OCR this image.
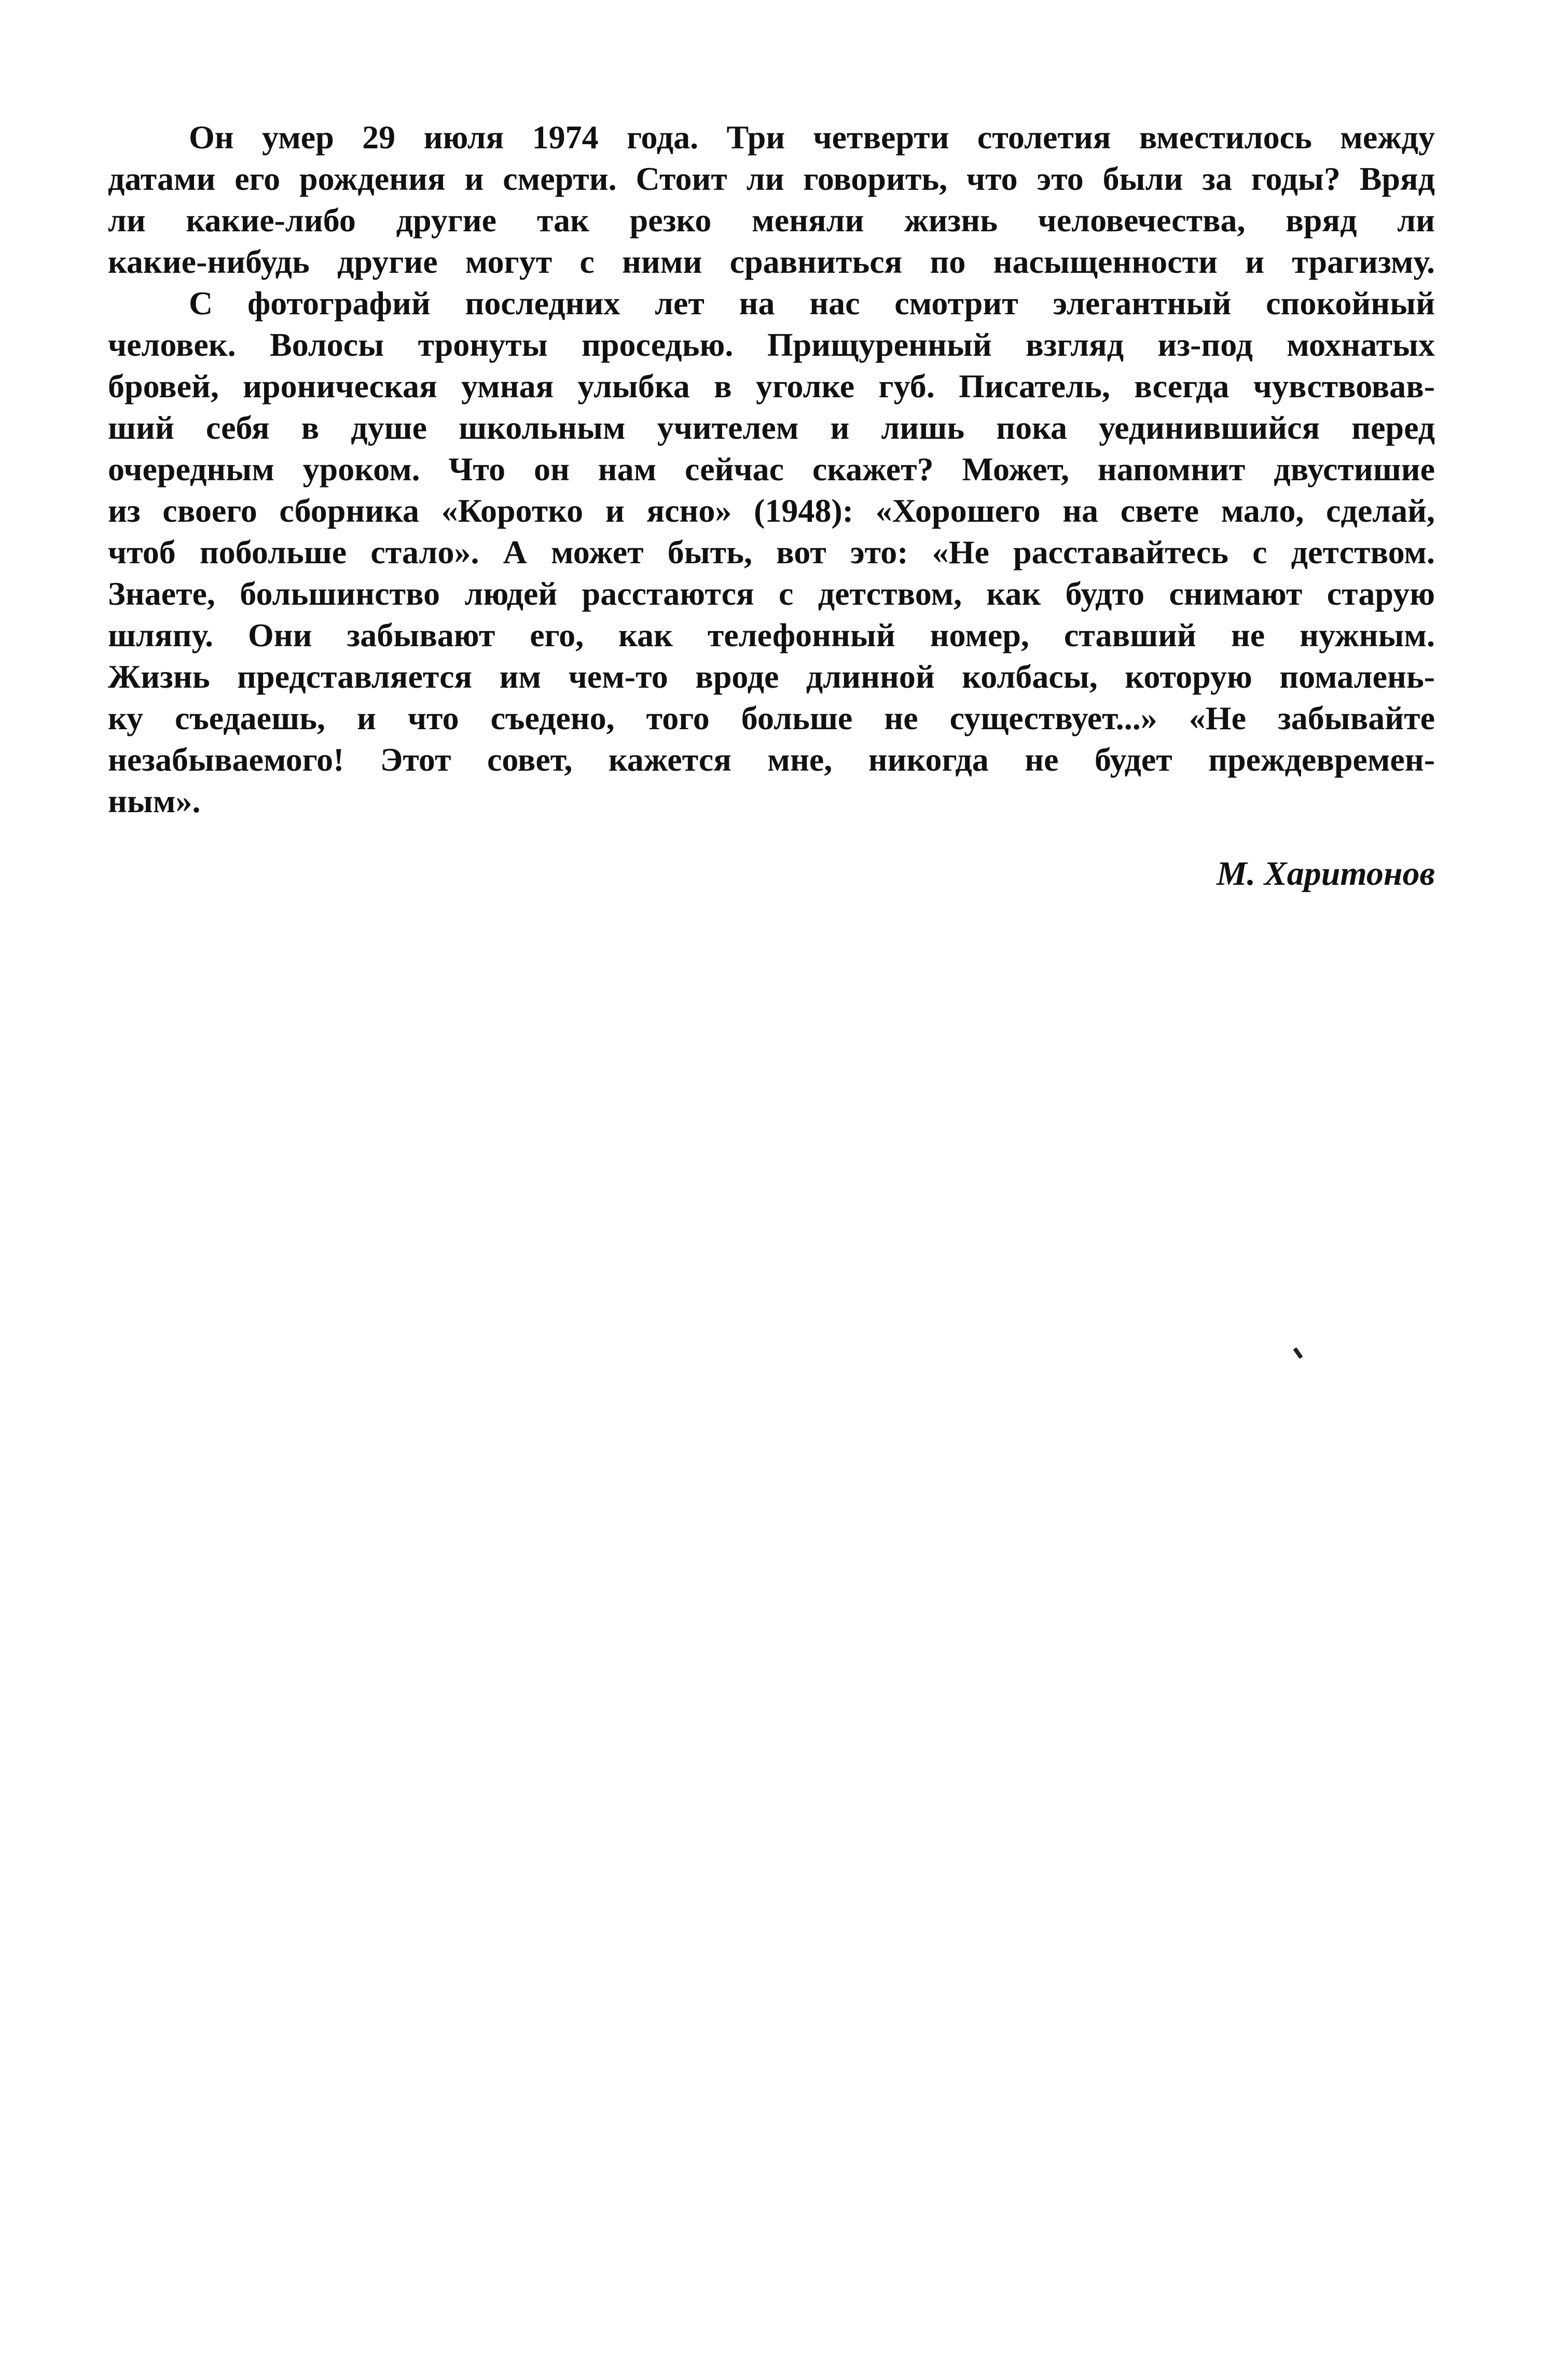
Он умер 29 июля 1974 года. Три четверти столетия вместилось между
датами его рождения и смерти. Стоит ли говорить, что это были за годы? Вряд
ли какие-либо другие так резко меняли жизнь человечества, вряд ли
какие-нибудь другие могут с ними сравниться по насыщенности и трагизму.
С фотографий последних лет на нас смотрит элегантный спокойный
человек. Волосы тронуты проседью. Прищуренный взгляд из-под мохнатых
бровей, ироническая умная улыбка в уголке губ. Писатель, всегда чувствовав-
ший себя в душе школьным учителем и лишь пока уединившийся перед
очередным уроком. Что он нам сейчас скажет? Может, напомнит двустишие
из своего сборника «Коротко и ясно» (1948): «Хорошего на свете мало, сделай,
чтоб побольше стало». А может быть, вот это: «Не расставайтесь с детством.
Знаете, большинство людей расстаются с детством, как будто снимают старую
шляпу. Они забывают его, как телефонный номер, ставший не нужным.
Жизнь представляется им чем-то вроде длинной колбасы, которую помалень-
ку съедаешь, и что съедено, того больше не существует...» «Не забывайте
незабываемого! Этот совет, кажется мне, никогда не будет преждевремен-
ным».
М. Харитонов
